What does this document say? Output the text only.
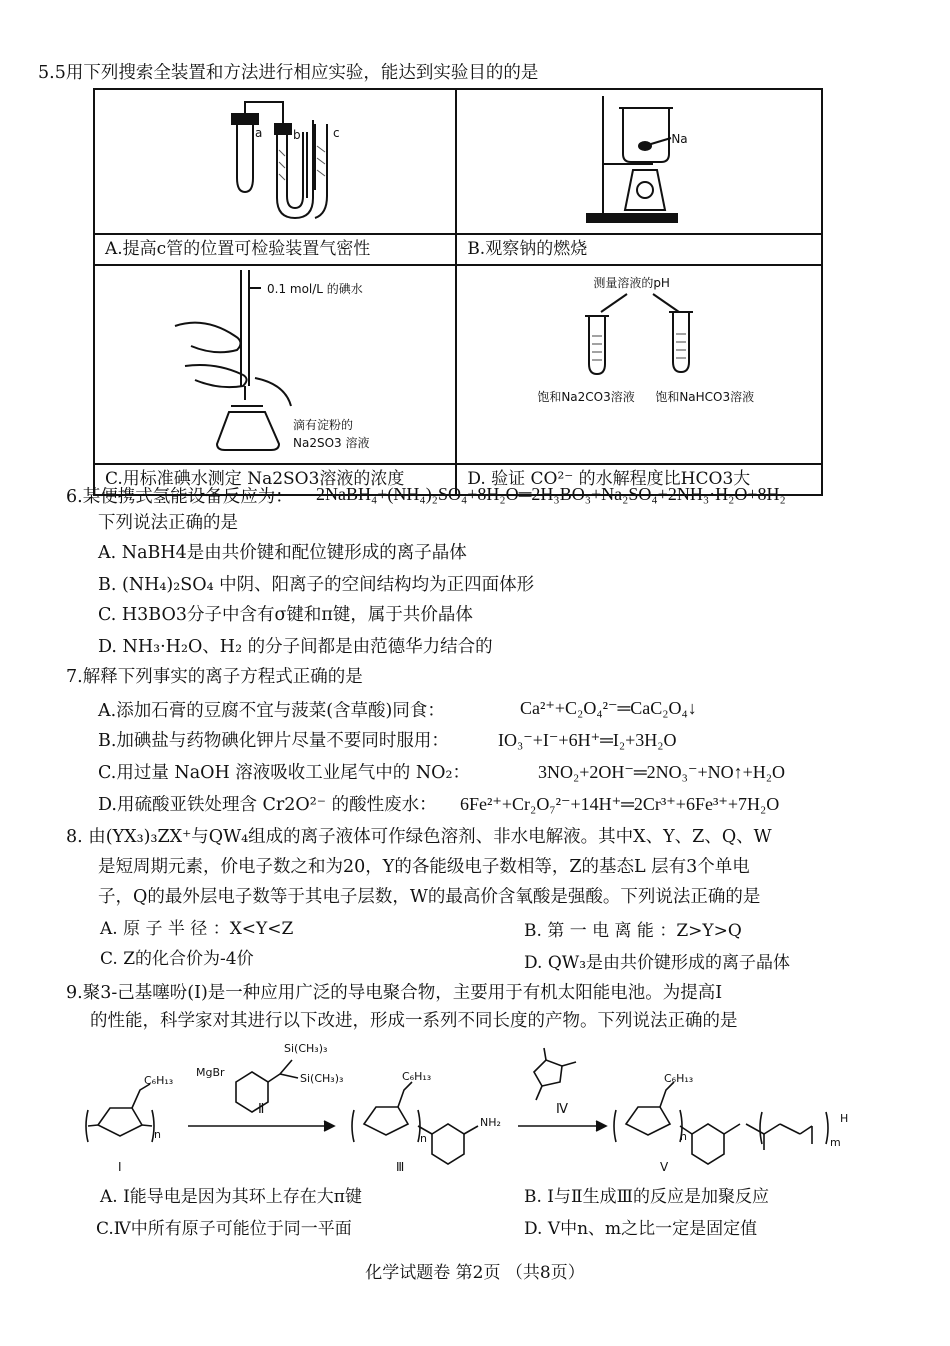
5.5用下列搜索全装置和方法进行相应实验，能达到实验目的的是
a b c	Na

A.提高c管的位置可检验装置气密性	B.观察钠的燃烧

0.1 mol/L 的碘水
滴有淀粉的
Na2SO3 溶液	测量溶液的pH
饱和Na2CO3溶液 饱和NaHCO3溶液

C.用标准碘水测定 Na2SO3溶液的浓度	D. 验证 CO²⁻ 的水解程度比HCO3大
6.某便携式氢能设备反应为： 2NaBH₄+(NH₄)₂SO₄+8H₂O═2H₃BO₃+Na₂SO₄+2NH₃·H₂O+8H₂
下列说法正确的是
A. NaBH4是由共价键和配位键形成的离子晶体
B. (NH₄)₂SO₄ 中阴、阳离子的空间结构均为正四面体形
C. H3BO3分子中含有σ键和π键，属于共价晶体
D. NH₃·H₂O、H₂ 的分子间都是由范德华力结合的
7.解释下列事实的离子方程式正确的是
A.添加石膏的豆腐不宜与菠菜(含草酸)同食：	Ca²⁺+C₂O₄²⁻═CaC₂O₄↓
B.加碘盐与药物碘化钾片尽量不要同时服用：	IO₃⁻+I⁻+6H⁺═I₂+3H₂O
C.用过量 NaOH 溶液吸收工业尾气中的 NO₂：	3NO₂+2OH⁻═2NO₃⁻+NO↑+H₂O
D.用硫酸亚铁处理含 Cr2O²⁻ 的酸性废水： 6Fe²⁺+Cr₂O₇²⁻+14H⁺═2Cr³⁺+6Fe³⁺+7H₂O
8. 由(YX₃)₃ZX⁺与QW₄组成的离子液体可作绿色溶剂、非水电解液。其中X、Y、Z、Q、W
是短周期元素，价电子数之和为20，Y的各能级电子数相等，Z的基态L 层有3个单电
子，Q的最外层电子数等于其电子层数，W的最高价含氧酸是强酸。下列说法正确的是
A. 原 子 半 径 ：X<Y<Z	B. 第 一 电 离 能 ：Z>Y>Q
C. Z的化合价为-4价	D. QW₃是由共价键形成的离子晶体
9.聚3-己基噻吩(Ⅰ)是一种应用广泛的导电聚合物，主要用于有机太阳能电池。为提高Ⅰ
的性能，科学家对其进行以下改进，形成一系列不同长度的产物。下列说法正确的是
C₆H₁₃	C₆H₁₃	C₆H₁₃
MgBr
Si(CH₃)₃
Si(CH₃)₃
NH₂
Ⅱ	Ⅳ
n	n	n	m
H
Ⅰ	Ⅲ	Ⅴ
A. Ⅰ能导电是因为其环上存在大π键	B. Ⅰ与Ⅱ生成Ⅲ的反应是加聚反应
C.Ⅳ中所有原子可能位于同一平面	D. Ⅴ中n、m之比一定是固定值
化学试题卷 第2页 （共8页）
